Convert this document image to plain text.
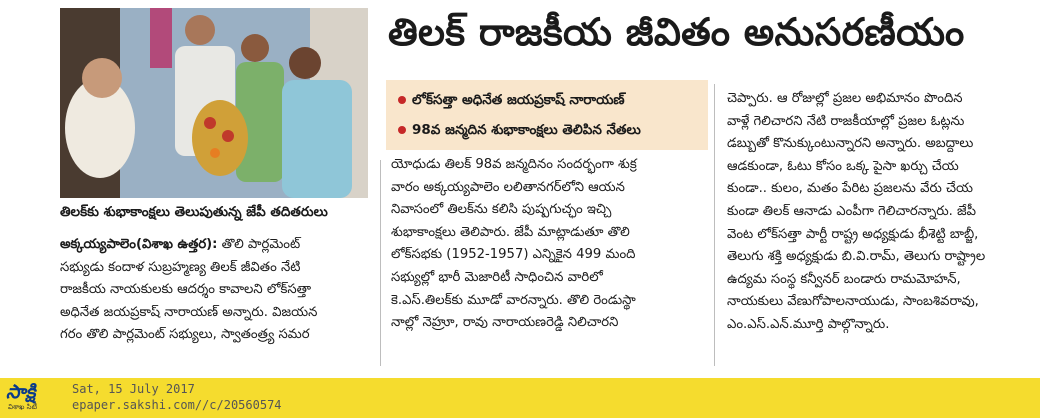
తిలక్‌కు శుభాకాంక్షలు తెలుపుతున్న జేపీ తదితరులు
తిలక్ రాజకీయ జీవితం అనుసరణీయం
లోక్‌సత్తా అధినేత జయప్రకాష్ నారాయణ్
98వ జన్మదిన శుభాకాంక్షలు తెలిపిన నేతలు
అక్కయ్యపాలెం(విశాఖ ఉత్తర): తొలి పార్లమెంట్
సభ్యుడు కందాళ సుబ్రహ్మణ్య తిలక్ జీవితం నేటి
రాజకీయ నాయకులకు ఆదర్శం కావాలని లోక్‌సత్తా
అధినేత జయప్రకాష్ నారాయణ్ అన్నారు. విజయన
గరం తొలి పార్లమెంట్ సభ్యులు, స్వాతంత్ర్య సమర
యోధుడు తిలక్ 98వ జన్మదినం సందర్భంగా శుక్ర
వారం అక్కయ్యపాలెం లలితానగర్‌లోని ఆయన
నివాసంలో తిలక్‌ను కలిసి పుష్పగుచ్ఛం ఇచ్చి
శుభాకాంక్షలు తెలిపారు. జేపీ మాట్లాడుతూ తొలి
లోక్‌సభకు (1952-1957) ఎన్నికైన 499 మంది
సభ్యుల్లో భారీ మెజారిటీ సాధించిన వారిలో
కె.ఎస్.తిలక్‌కు మూడో వారన్నారు. తొలి రెండుస్థా
నాల్లో నెహ్రూ, రావు నారాయణరెడ్డి నిలిచారని
చెప్పారు. ఆ రోజుల్లో ప్రజల అభిమానం పొందిన
వాళ్లే గెలిచారని నేటి రాజకీయాల్లో ప్రజల ఓట్లను
డబ్బుతో కొనుక్కుంటున్నారని అన్నారు. అబద్దాలు
ఆడకుండా, ఓటు కోసం ఒక్క పైసా ఖర్చు చేయ
కుండా.. కులం, మతం పేరిట ప్రజలను వేరు చేయ
కుండా తిలక్ ఆనాడు ఎంపీగా గెలిచారన్నారు. జేపీ
వెంట లోక్‌సత్తా పార్టీ రాష్ట్ర అధ్యక్షుడు భీశెట్టి బాబ్జీ,
తెలుగు శక్తి అధ్యక్షుడు బి.వి.రామ్, తెలుగు రాష్ట్రాల
ఉద్యమ సంస్థ కన్వీనర్ బండారు రామమోహన్,
నాయకులు వేణుగోపాలనాయుడు, సాంబశివరావు,
ఎం.ఎస్.ఎన్.మూర్తి పాల్గొన్నారు.
సాక్షి
విశాఖ సిటీ
Sat, 15 July 2017
epaper.sakshi.com//c/20560574
